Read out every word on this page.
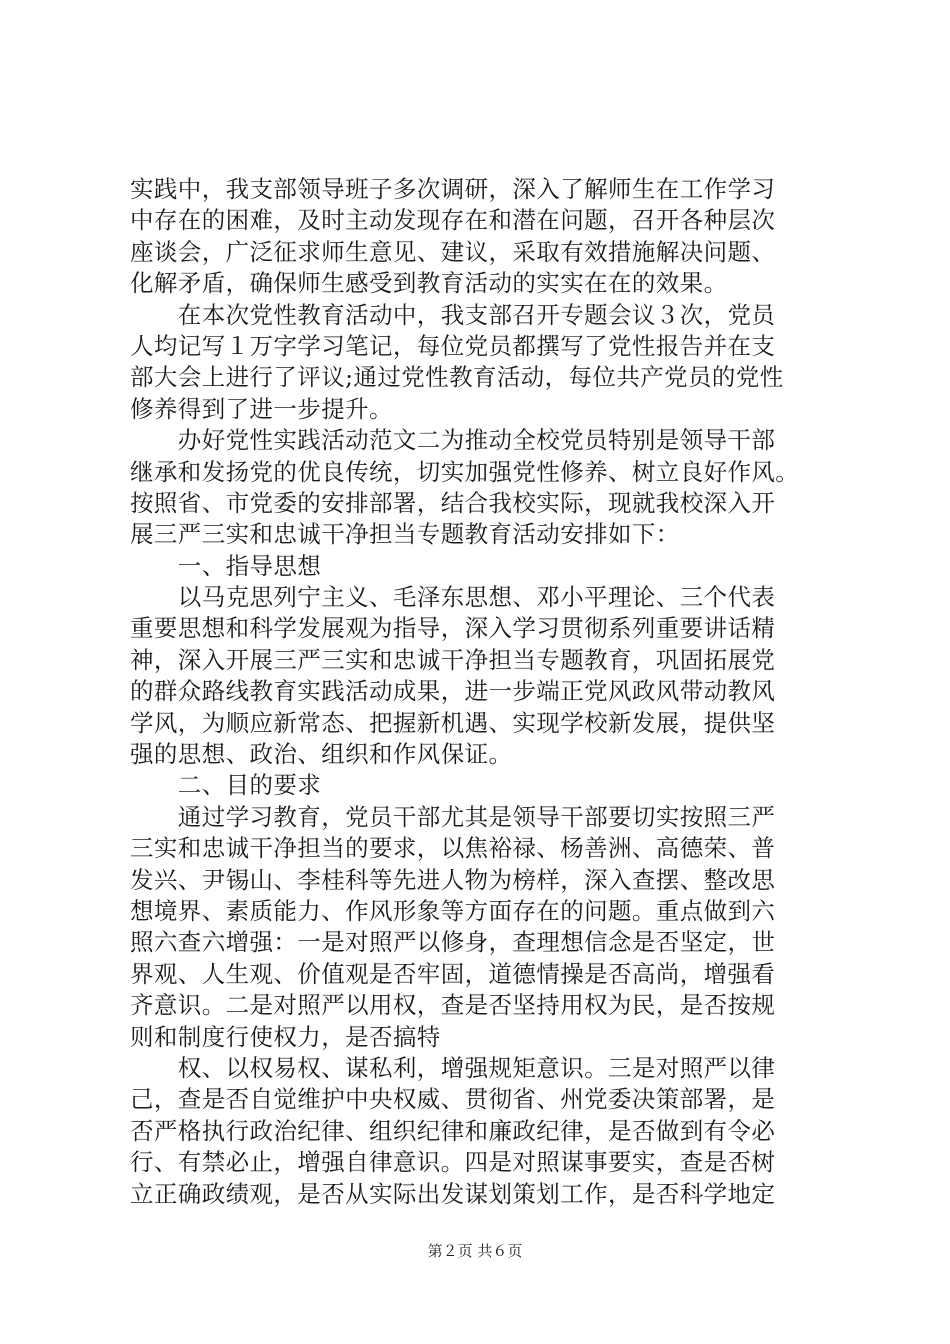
实践中，我支部领导班子多次调研，深入了解师生在工作学习
中存在的困难，及时主动发现存在和潜在问题，召开各种层次
座谈会，广泛征求师生意见、建议，采取有效措施解决问题、
化解矛盾，确保师生感受到教育活动的实实在在的效果。
　　在本次党性教育活动中，我支部召开专题会议３次，党员
人均记写１万字学习笔记，每位党员都撰写了党性报告并在支
部大会上进行了评议;通过党性教育活动，每位共产党员的党性
修养得到了进一步提升。
　　办好党性实践活动范文二为推动全校党员特别是领导干部
继承和发扬党的优良传统，切实加强党性修养、树立良好作风。
按照省、市党委的安排部署，结合我校实际，现就我校深入开
展三严三实和忠诚干净担当专题教育活动安排如下：
　　一、指导思想
　　以马克思列宁主义、毛泽东思想、邓小平理论、三个代表
重要思想和科学发展观为指导，深入学习贯彻系列重要讲话精
神，深入开展三严三实和忠诚干净担当专题教育，巩固拓展党
的群众路线教育实践活动成果，进一步端正党风政风带动教风
学风，为顺应新常态、把握新机遇、实现学校新发展，提供坚
强的思想、政治、组织和作风保证。
　　二、目的要求
　　通过学习教育，党员干部尤其是领导干部要切实按照三严
三实和忠诚干净担当的要求，以焦裕禄、杨善洲、高德荣、普
发兴、尹锡山、李桂科等先进人物为榜样，深入查摆、整改思
想境界、素质能力、作风形象等方面存在的问题。重点做到六
照六查六增强：一是对照严以修身，查理想信念是否坚定，世
界观、人生观、价值观是否牢固，道德情操是否高尚，增强看
齐意识。二是对照严以用权，查是否坚持用权为民，是否按规
则和制度行使权力，是否搞特
　　权、以权易权、谋私利，增强规矩意识。三是对照严以律
己，查是否自觉维护中央权威、贯彻省、州党委决策部署，是
否严格执行政治纪律、组织纪律和廉政纪律，是否做到有令必
行、有禁必止，增强自律意识。四是对照谋事要实，查是否树
立正确政绩观，是否从实际出发谋划策划工作，是否科学地定
第２页 共６页
